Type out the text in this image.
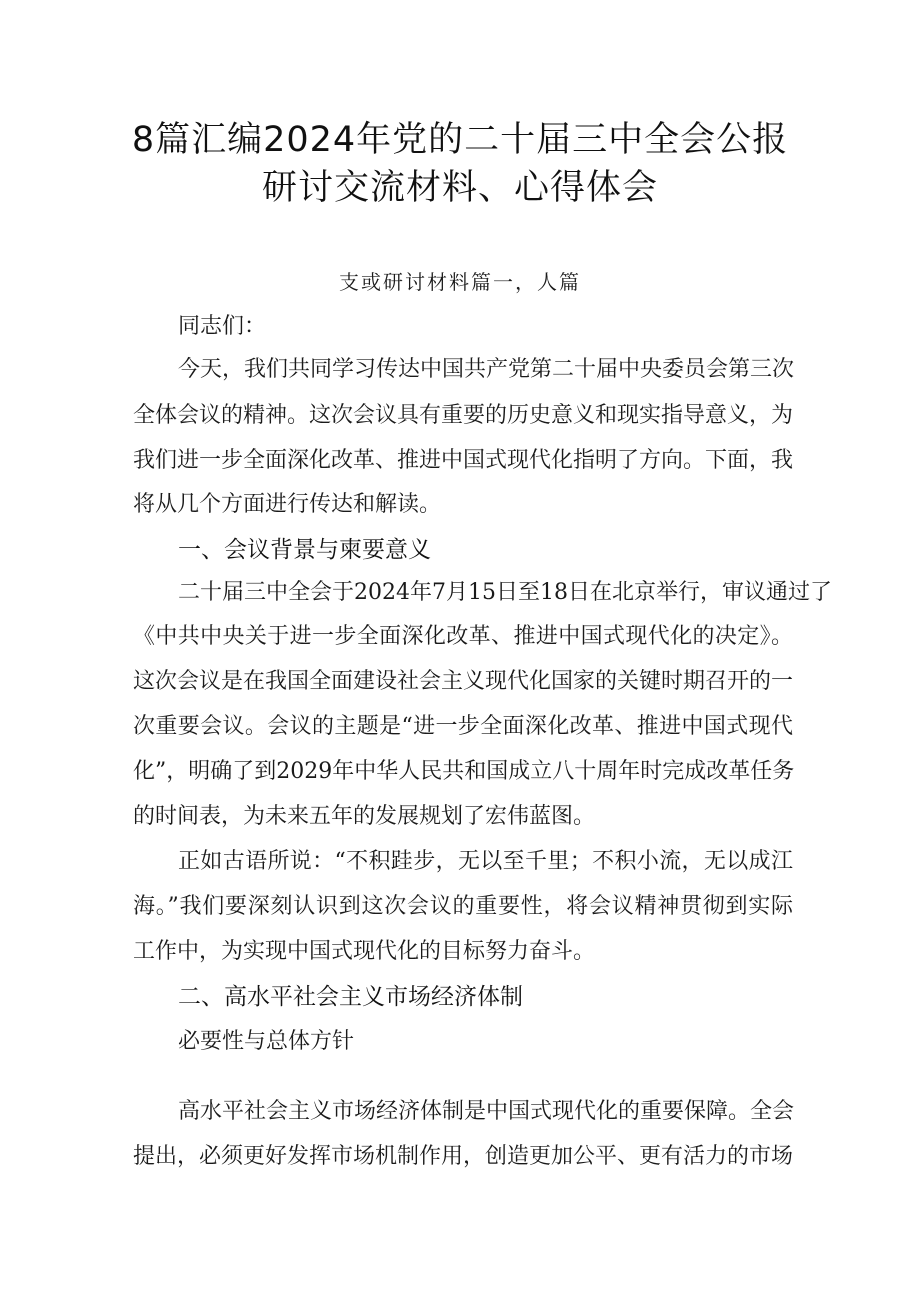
8篇汇编2024年党的二十届三中全会公报
研讨交流材料、心得体会
支或研讨材料篇一，人篇
同志们：
今天，我们共同学习传达中国共产党第二十届中央委员会第三次
全体会议的精神。这次会议具有重要的历史意义和现实指导意义，为
我们进一步全面深化改革、推进中国式现代化指明了方向。下面，我
将从几个方面进行传达和解读。
一、会议背景与柬要意义
二十届三中全会于2024年7月15日至18日在北京举行，审议通过了
《中共中央关于进一步全面深化改革、推进中国式现代化的决定》。
这次会议是在我国全面建设社会主义现代化国家的关键时期召开的一
次重要会议。会议的主题是“进一步全面深化改革、推进中国式现代
化”，明确了到2029年中华人民共和国成立八十周年时完成改革任务
的时间表，为未来五年的发展规划了宏伟蓝图。
正如古语所说：“不积跬步，无以至千里；不积小流，无以成江
海。”我们要深刻认识到这次会议的重要性，将会议精神贯彻到实际
工作中，为实现中国式现代化的目标努力奋斗。
二、高水平社会主义市场经济体制
必要性与总体方针
高水平社会主义市场经济体制是中国式现代化的重要保障。全会
提出，必须更好发挥市场机制作用，创造更加公平、更有活力的市场
